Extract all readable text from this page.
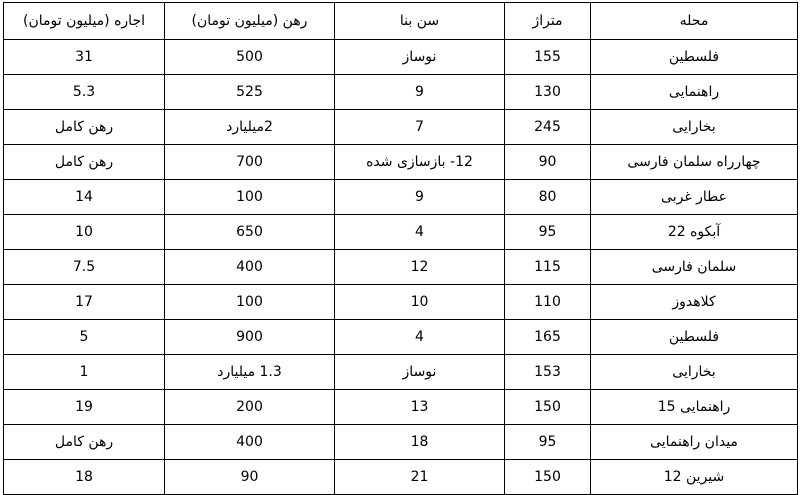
محله	متراژ	سن بنا	رهن (میلیون تومان)	اجاره (میلیون تومان)
فلسطین	155	نوساز	500	31
راهنمایی	130	9	525	5.3
بخارایی	245	7	2میلیارد	رهن کامل
چهارراه سلمان فارسی	90	12- بازسازی شده	700	رهن کامل
عطار غربی	80	9	100	14
آبکوه 22	95	4	650	10
سلمان فارسی	115	12	400	7.5
کلاهدوز	110	10	100	17
فلسطین	165	4	900	5
بخارایی	153	نوساز	1.3 میلیارد	1
راهنمایی 15	150	13	200	19
میدان راهنمایی	95	18	400	رهن کامل
شیرین 12	150	21	90	18
